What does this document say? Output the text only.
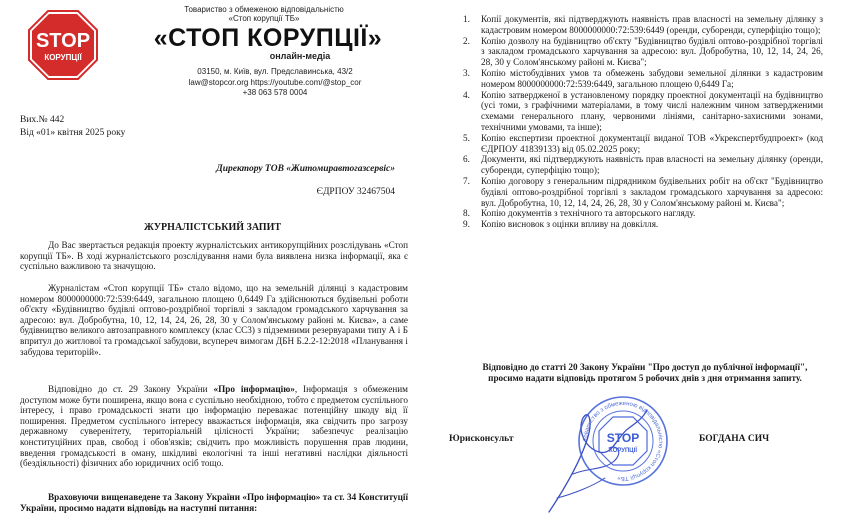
STOP
КОРУПЦІЇ
Товариство з обмеженою відповідальністю
«Стоп корупції ТБ»
«СТОП КОРУПЦІЇ»
онлайн-медіа
03150, м. Київ, вул. Предславинська, 43/2
law@stopcor.org https://youtube.com/@stop_cor
+38 063 578 0004
Вих.№ 442
Від «01» квітня 2025 року
Директору ТОВ «Житомиравтогазсервіс»
ЄДРПОУ 32467504
ЖУРНАЛІСТСЬКИЙ ЗАПИТ
До Вас звертається редакція проекту журналістських антикорупційних розслідувань «Стоп корупції ТБ». В ході журналістського розслідування нами була виявлена низка інформації, яка є суспільно важливою та значущою.
Журналістам «Стоп корупції ТБ» стало відомо, що на земельній ділянці з кадастровим номером 8000000000:72:539:6449, загальною площею 0,6449 Га здійснюються будівельні роботи об'єкту «Будівництво будівлі оптово-роздрібної торгівлі з закладом громадського харчування за адресою: вул. Добробутна, 10, 12, 14, 24, 26, 28, 30 у Солом'янському районі м. Києва», а саме будівництво великого автозаправного комплексу (клас СС3) з підземними резервуарами типу А і Б впритул до житлової та громадської забудови, всупереч вимогам ДБН Б.2.2-12:2018 «Планування і забудова територій».
Відповідно до ст. 29 Закону України «Про інформацію», Інформація з обмеженим доступом може бути поширена, якщо вона є суспільно необхідною, тобто є предметом суспільного інтересу, і право громадськості знати цю інформацію переважає потенційну шкоду від її поширення. Предметом суспільного інтересу вважається інформація, яка свідчить про загрозу державному суверенітету, територіальній цілісності України; забезпечує реалізацію конституційних прав, свобод і обов'язків; свідчить про можливість порушення прав людини, введення громадськості в оману, шкідливі екологічні та інші негативні наслідки діяльності (бездіяльності) фізичних або юридичних осіб тощо.
Враховуючи вищенаведене та Закону України «Про інформацію» та ст. 34 Конституції України, просимо надати відповідь на наступні питання:
1. Копії документів, які підтверджують наявність прав власності на земельну ділянку з кадастровим номером 8000000000:72:539:6449 (оренди, суборенди, суперфіцію тощо);
2. Копію дозволу на будівництво об'єкту "Будівництво будівлі оптово-роздрібної торгівлі з закладом громадського харчування за адресою: вул. Добробутна, 10, 12, 14, 24, 26, 28, 30 у Солом'янському районі м. Києва";
3. Копію містобудівних умов та обмежень забудови земельної ділянки з кадастровим номером 8000000000:72:539:6449, загальною площею 0,6449 Га;
4. Копію затвердженої в установленому порядку проектної документації на будівництво (усі томи, з графічними матеріалами, в тому числі належним чином затвердженими схемами генерального плану, червоними лініями, санітарно-захисними зонами, технічними умовами, та інше);
5. Копію експертизи проектної документації виданої ТОВ «Укрекспертбудпроект» (код ЄДРПОУ 41839133) від 05.02.2025 року;
6. Документи, які підтверджують наявність прав власності на земельну ділянку (оренди, суборенди, суперфіцію тощо);
7. Копію договору з генеральним підрядником будівельних робіт на об'єкт "Будівництво будівлі оптово-роздрібної торгівлі з закладом громадського харчування за адресою: вул. Добробутна, 10, 12, 14, 24, 26, 28, 30 у Солом'янському районі м. Києва";
8. Копію документів з технічного та авторського нагляду.
9. Копію висновок з оцінки впливу на довкілля.
Відповідно до статті 20 Закону України "Про доступ до публічної інформації",
просимо надати відповідь протягом 5 робочих днів з дня отримання запиту.
Товариство з обмеженою відповідальністю «Стоп корупції ТБ»
STOP
КОРУПЦІЇ
Юрисконсульт	БОГДАНА СИЧ
